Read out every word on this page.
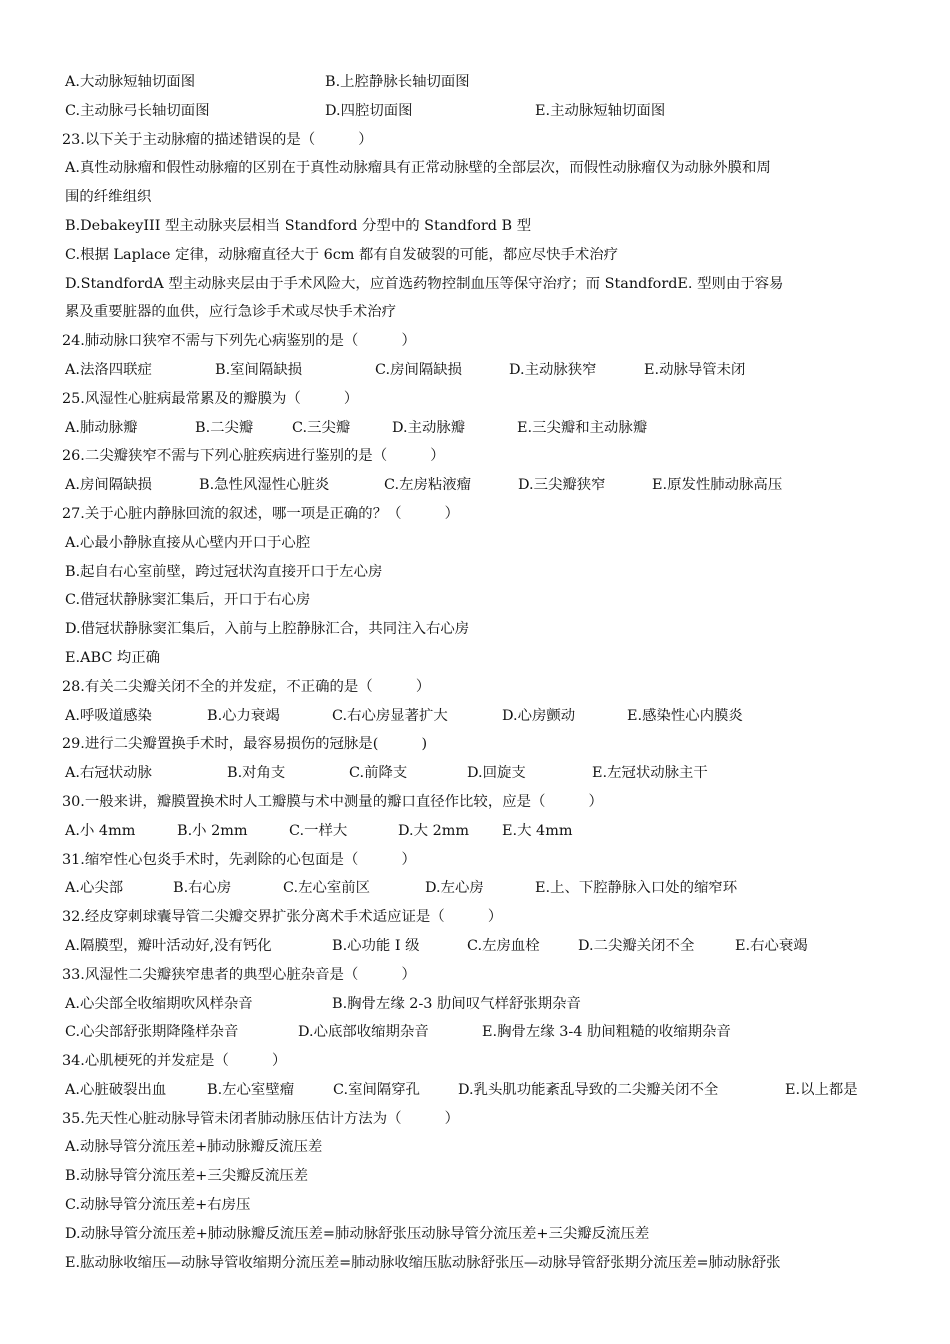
A.大动脉短轴切面图	B.上腔静脉长轴切面图
C.主动脉弓长轴切面图	D.四腔切面图	E.主动脉短轴切面图
23.以下关于主动脉瘤的描述错误的是（　　　）
A.真性动脉瘤和假性动脉瘤的区别在于真性动脉瘤具有正常动脉壁的全部层次，而假性动脉瘤仅为动脉外膜和周
围的纤维组织
B.DebakeyIII 型主动脉夹层相当 Standford 分型中的 Standford B 型
C.根据 Laplace 定律，动脉瘤直径大于 6cm 都有自发破裂的可能，都应尽快手术治疗
D.StandfordA 型主动脉夹层由于手术风险大，应首选药物控制血压等保守治疗；而 StandfordE. 型则由于容易
累及重要脏器的血供，应行急诊手术或尽快手术治疗
24.肺动脉口狭窄不需与下列先心病鉴别的是（　　　）
A.法洛四联症	B.室间隔缺损	C.房间隔缺损	D.主动脉狭窄	E.动脉导管未闭
25.风湿性心脏病最常累及的瓣膜为（　　　）
A.肺动脉瓣	B.二尖瓣	C.三尖瓣	D.主动脉瓣	E.三尖瓣和主动脉瓣
26.二尖瓣狭窄不需与下列心脏疾病进行鉴别的是（　　　）
A.房间隔缺损	B.急性风湿性心脏炎	C.左房粘液瘤	D.三尖瓣狭窄	E.原发性肺动脉高压
27.关于心脏内静脉回流的叙述，哪一项是正确的？（　　　）
A.心最小静脉直接从心壁内开口于心腔
B.起自右心室前壁，跨过冠状沟直接开口于左心房
C.借冠状静脉窦汇集后，开口于右心房
D.借冠状静脉窦汇集后，入前与上腔静脉汇合，共同注入右心房
E.ABC 均正确
28.有关二尖瓣关闭不全的并发症，不正确的是（　　　）
A.呼吸道感染	B.心力衰竭	C.右心房显著扩大	D.心房颤动	E.感染性心内膜炎
29.进行二尖瓣置换手术时，最容易损伤的冠脉是(　　　)
A.右冠状动脉	B.对角支	C.前降支	D.回旋支	E.左冠状动脉主干
30.一般来讲，瓣膜置换术时人工瓣膜与术中测量的瓣口直径作比较，应是（　　　）
A.小 4mm	B.小 2mm	C.一样大	D.大 2mm E.大 4mm
31.缩窄性心包炎手术时，先剥除的心包面是（　　　）
A.心尖部	B.右心房	C.左心室前区	D.左心房	E.上、下腔静脉入口处的缩窄环
32.经皮穿刺球囊导管二尖瓣交界扩张分离术手术适应证是（　　　）
A.隔膜型，瓣叶活动好,没有钙化	B.心功能 I 级	C.左房血栓	D.二尖瓣关闭不全	E.右心衰竭
33.风湿性二尖瓣狭窄患者的典型心脏杂音是（　　　）
A.心尖部全收缩期吹风样杂音	B.胸骨左缘 2-3 肋间叹气样舒张期杂音
C.心尖部舒张期降隆样杂音	D.心底部收缩期杂音	E.胸骨左缘 3-4 肋间粗糙的收缩期杂音
34.心肌梗死的并发症是（　　　）
A.心脏破裂出血	B.左心室壁瘤	C.室间隔穿孔	D.乳头肌功能紊乱导致的二尖瓣关闭不全	E.以上都是
35.先天性心脏动脉导管未闭者肺动脉压估计方法为（　　　）
A.动脉导管分流压差+肺动脉瓣反流压差
B.动脉导管分流压差+三尖瓣反流压差
C.动脉导管分流压差+右房压
D.动脉导管分流压差+肺动脉瓣反流压差=肺动脉舒张压动脉导管分流压差+三尖瓣反流压差
E.肱动脉收缩压—动脉导管收缩期分流压差=肺动脉收缩压肱动脉舒张压—动脉导管舒张期分流压差=肺动脉舒张
